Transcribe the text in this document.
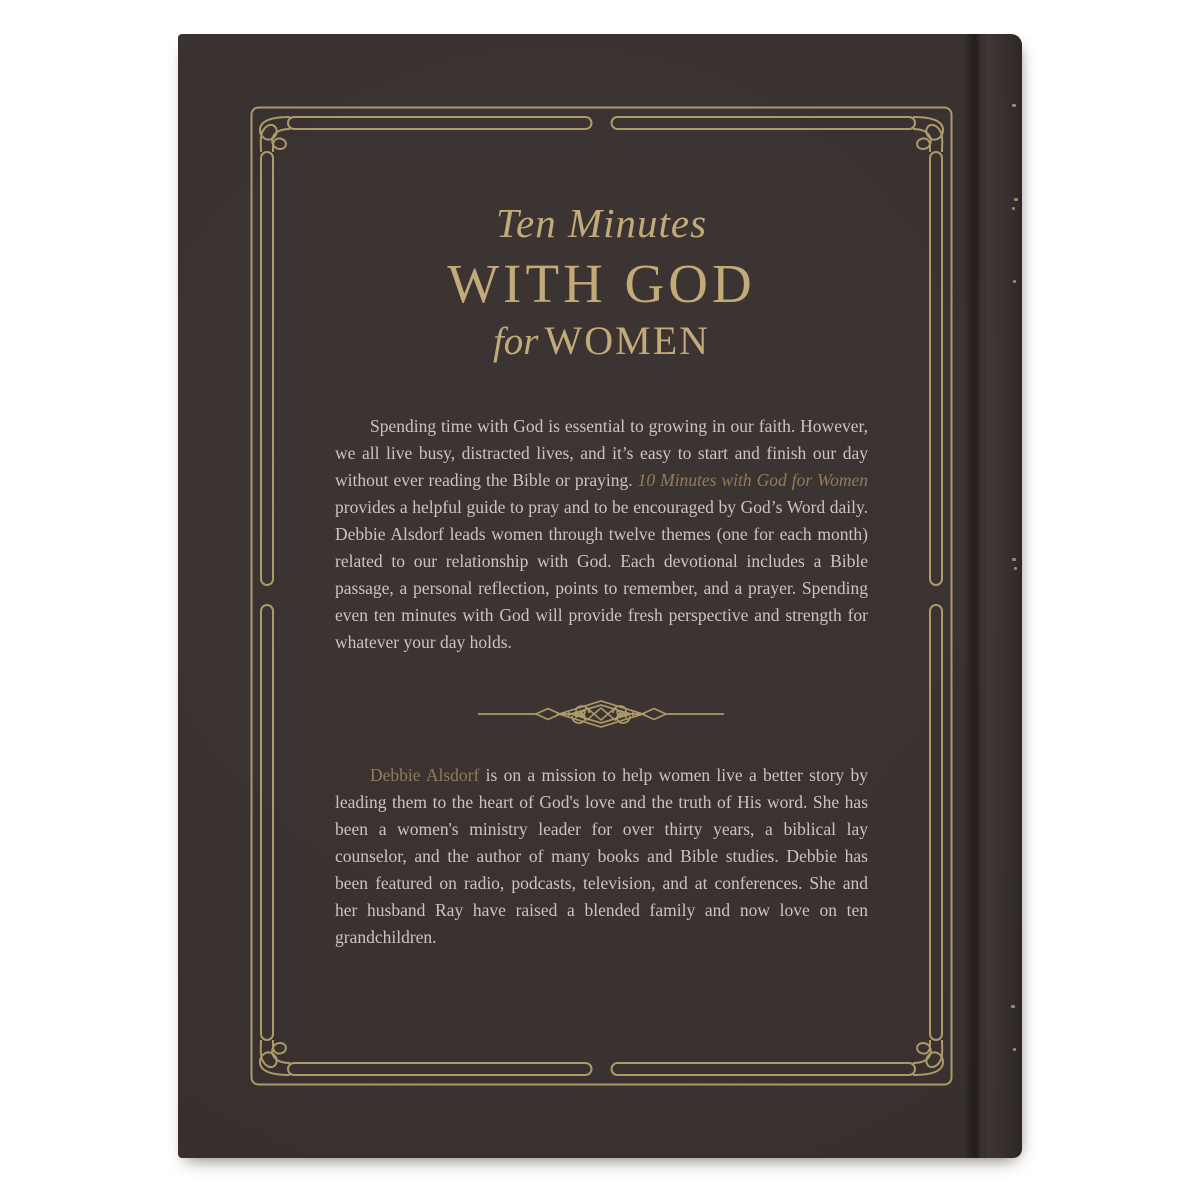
Ten Minutes
WITH GOD
for WOMEN

Spending time with God is essential to growing in our faith. However, we all live busy, distracted lives, and it’s easy to start and finish our day without ever reading the Bible or praying. 10 Minutes with God for Women provides a helpful guide to pray and to be encouraged by God’s Word daily. Debbie Alsdorf leads women through twelve themes (one for each month) related to our relationship with God. Each devotional includes a Bible passage, a personal reflection, points to remember, and a prayer. Spending even ten minutes with God will provide fresh perspective and strength for whatever your day holds.

Debbie Alsdorf is on a mission to help women live a better story by leading them to the heart of God's love and the truth of His word. She has been a women's ministry leader for over thirty years, a biblical lay counselor, and the author of many books and Bible studies. Debbie has been featured on radio, podcasts, television, and at conferences. She and her husband Ray have raised a blended family and now love on ten grandchildren.
